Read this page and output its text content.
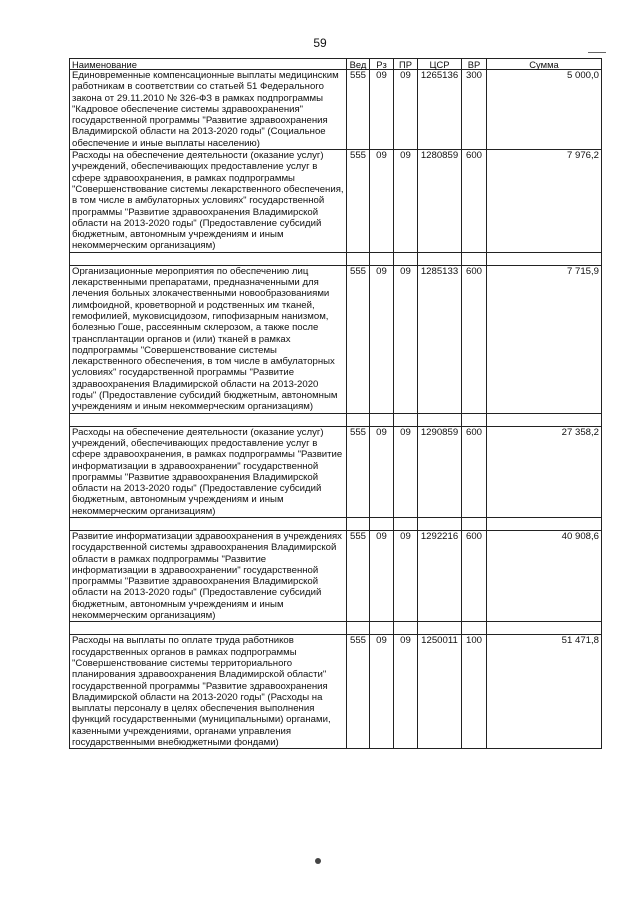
59
Наименование	Вед	Рз	ПР	ЦСР	ВР	Сумма
Единовременные компенсационные выплаты медицинским работникам в соответствии со статьей 51 Федерального закона от 29.11.2010 № 326-ФЗ в рамках подпрограммы "Кадровое обеспечение системы здравоохранения" государственной программы "Развитие здравоохранения Владимирской области на 2013-2020 годы" (Социальное обеспечение и иные выплаты населению)	555	09	09	1265136	300	5 000,0
Расходы на обеспечение деятельности (оказание услуг) учреждений, обеспечивающих предоставление услуг в сфере здравоохранения, в рамках подпрограммы "Совершенствование системы лекарственного обеспечения, в том числе в амбулаторных условиях" государственной программы "Развитие здравоохранения Владимирской области на 2013-2020 годы" (Предоставление субсидий бюджетным, автономным учреждениям и иным некоммерческим организациям)	555	09	09	1280859	600	7 976,2

Организационные мероприятия по обеспечению лиц лекарственными препаратами, предназначенными для лечения больных злокачественными новообразованиями лимфоидной, кроветворной и родственных им тканей, гемофилией, муковисцидозом, гипофизарным нанизмом, болезнью Гоше, рассеянным склерозом, а также после трансплантации органов и (или) тканей в рамках подпрограммы "Совершенствование системы лекарственного обеспечения, в том числе в амбулаторных условиях" государственной программы "Развитие здравоохранения Владимирской области на 2013-2020 годы" (Предоставление субсидий бюджетным, автономным учреждениям и иным некоммерческим организациям)	555	09	09	1285133	600	7 715,9

Расходы на обеспечение деятельности (оказание услуг) учреждений, обеспечивающих предоставление услуг в сфере здравоохранения, в рамках подпрограммы "Развитие информатизации в здравоохранении" государственной программы "Развитие здравоохранения Владимирской области на 2013-2020 годы" (Предоставление субсидий бюджетным, автономным учреждениям и иным некоммерческим организациям)	555	09	09	1290859	600	27 358,2

Развитие информатизации здравоохранения в учреждениях государственной системы здравоохранения Владимирской области в рамках подпрограммы "Развитие информатизации в здравоохранении" государственной программы "Развитие здравоохранения Владимирской области на 2013-2020 годы" (Предоставление субсидий бюджетным, автономным учреждениям и иным некоммерческим организациям)	555	09	09	1292216	600	40 908,6

Расходы на выплаты по оплате труда работников государственных органов в рамках подпрограммы "Совершенствование системы территориального планирования здравоохранения Владимирской области" государственной программы "Развитие здравоохранения Владимирской области на 2013-2020 годы" (Расходы на выплаты персоналу в целях обеспечения выполнения функций государственными (муниципальными) органами, казенными учреждениями, органами управления государственными внебюджетными фондами)	555	09	09	1250011	100	51 471,8
